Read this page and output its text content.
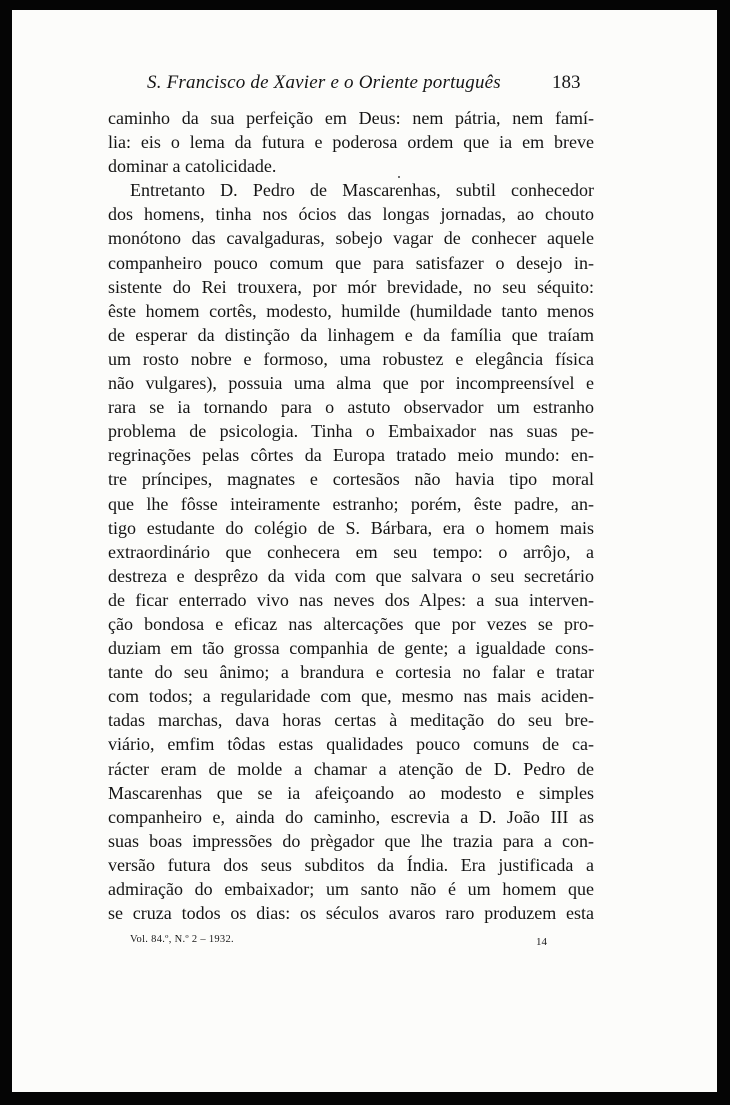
S. Francisco de Xavier e o Oriente português	183
caminho da sua perfeição em Deus: nem pátria, nem famí-
lia: eis o lema da futura e poderosa ordem que ia em breve
dominar a catolicidade.
Entretanto D. Pedro de Mascarenhas, subtil conhecedor
dos homens, tinha nos ócios das longas jornadas, ao chouto
monótono das cavalgaduras, sobejo vagar de conhecer aquele
companheiro pouco comum que para satisfazer o desejo in-
sistente do Rei trouxera, por mór brevidade, no seu séquito:
êste homem cortês, modesto, humilde (humildade tanto menos
de esperar da distinção da linhagem e da família que traíam
um rosto nobre e formoso, uma robustez e elegância física
não vulgares), possuia uma alma que por incompreensível e
rara se ia tornando para o astuto observador um estranho
problema de psicologia. Tinha o Embaixador nas suas pe-
regrinações pelas côrtes da Europa tratado meio mundo: en-
tre príncipes, magnates e cortesãos não havia tipo moral
que lhe fôsse inteiramente estranho; porém, êste padre, an-
tigo estudante do colégio de S. Bárbara, era o homem mais
extraordinário que conhecera em seu tempo: o arrôjo, a
destreza e desprêzo da vida com que salvara o seu secretário
de ficar enterrado vivo nas neves dos Alpes: a sua interven-
ção bondosa e eficaz nas altercações que por vezes se pro-
duziam em tão grossa companhia de gente; a igualdade cons-
tante do seu ânimo; a brandura e cortesia no falar e tratar
com todos; a regularidade com que, mesmo nas mais aciden-
tadas marchas, dava horas certas à meditação do seu bre-
viário, emfim tôdas estas qualidades pouco comuns de ca-
rácter eram de molde a chamar a atenção de D. Pedro de
Mascarenhas que se ia afeiçoando ao modesto e simples
companheiro e, ainda do caminho, escrevia a D. João III as
suas boas impressões do prègador que lhe trazia para a con-
versão futura dos seus subditos da Índia. Era justificada a
admiração do embaixador; um santo não é um homem que
se cruza todos os dias: os séculos avaros raro produzem esta
Vol. 84.º, N.º 2 – 1932.	14
